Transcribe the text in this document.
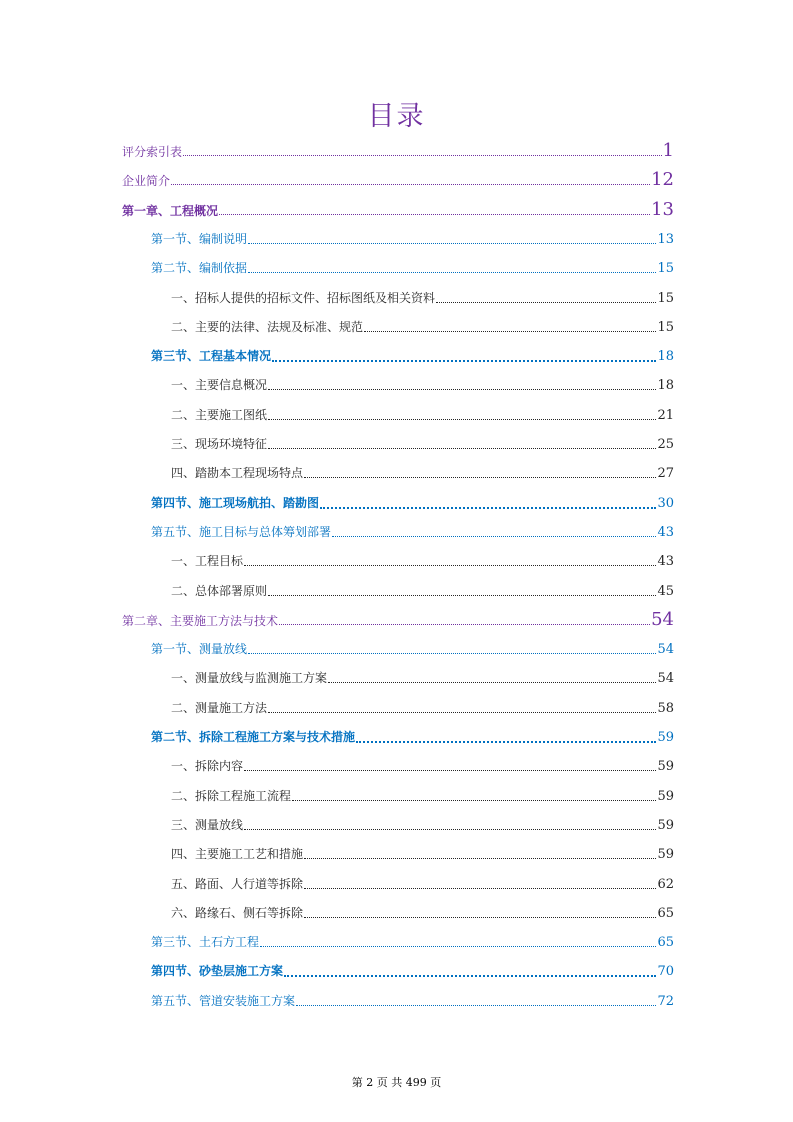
目录
评分索引表	1
企业简介	12
第一章、工程概况	13
第一节、编制说明	13
第二节、编制依据	15
一、招标人提供的招标文件、招标图纸及相关资料	15
二、主要的法律、法规及标准、规范	15
第三节、工程基本情况	18
一、主要信息概况	18
二、主要施工图纸	21
三、现场环境特征	25
四、踏勘本工程现场特点	27
第四节、施工现场航拍、踏勘图	30
第五节、施工目标与总体筹划部署	43
一、工程目标	43
二、总体部署原则	45
第二章、主要施工方法与技术	54
第一节、测量放线	54
一、测量放线与监测施工方案	54
二、测量施工方法	58
第二节、拆除工程施工方案与技术措施	59
一、拆除内容	59
二、拆除工程施工流程	59
三、测量放线	59
四、主要施工工艺和措施	59
五、路面、人行道等拆除	62
六、路缘石、侧石等拆除	65
第三节、土石方工程	65
第四节、砂垫层施工方案	70
第五节、管道安装施工方案	72
第 2 页 共 499 页
